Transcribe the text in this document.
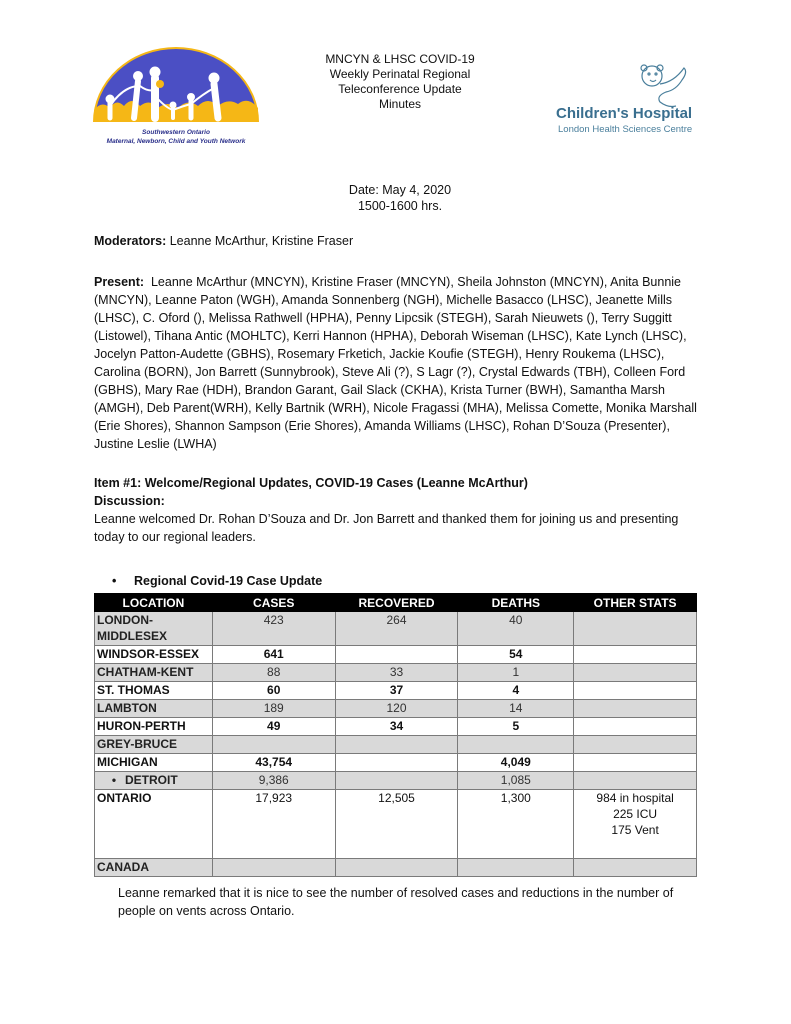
Southwestern Ontario
Maternal, Newborn, Child and Youth Network
MNCYN & LHSC COVID-19
Weekly Perinatal Regional
Teleconference Update
Minutes
Children's Hospital
London Health Sciences Centre
Date: May 4, 2020
1500-1600 hrs.
Moderators: Leanne McArthur, Kristine Fraser
Present:  Leanne McArthur (MNCYN), Kristine Fraser (MNCYN), Sheila Johnston (MNCYN), Anita Bunnie (MNCYN), Leanne Paton (WGH), Amanda Sonnenberg (NGH), Michelle Basacco (LHSC), Jeanette Mills (LHSC), C. Oford (), Melissa Rathwell (HPHA), Penny Lipcsik (STEGH), Sarah Nieuwets (), Terry Suggitt (Listowel), Tihana Antic (MOHLTC), Kerri Hannon (HPHA), Deborah Wiseman (LHSC), Kate Lynch (LHSC), Jocelyn Patton-Audette (GBHS), Rosemary Frketich, Jackie Koufie (STEGH), Henry Roukema (LHSC), Carolina (BORN), Jon Barrett (Sunnybrook), Steve Ali (?), S Lagr (?), Crystal Edwards (TBH), Colleen Ford (GBHS), Mary Rae (HDH), Brandon Garant, Gail Slack (CKHA), Krista Turner (BWH), Samantha Marsh (AMGH), Deb Parent(WRH), Kelly Bartnik (WRH), Nicole Fragassi (MHA), Melissa Comette, Monika Marshall (Erie Shores), Shannon Sampson (Erie Shores), Amanda Williams (LHSC), Rohan D’Souza (Presenter), Justine Leslie (LWHA)
Item #1: Welcome/Regional Updates, COVID-19 Cases (Leanne McArthur)
Discussion:
Leanne welcomed Dr. Rohan D’Souza and Dr. Jon Barrett and thanked them for joining us and presenting today to our regional leaders.
• Regional Covid-19 Case Update
LOCATION	CASES	RECOVERED	DEATHS	OTHER STATS
LONDON-MIDDLESEX	423	264	40	
WINDSOR-ESSEX	641		54	
CHATHAM-KENT	88	33	1	
ST. THOMAS	60	37	4	
LAMBTON	189	120	14	
HURON-PERTH	49	34	5	
GREY-BRUCE				
MICHIGAN	43,754		4,049	
• DETROIT	9,386		1,085	
ONTARIO	17,923	12,505	1,300	984 in hospital
225 ICU
175 Vent

CANADA				
Leanne remarked that it is nice to see the number of resolved cases and reductions in the number of people on vents across Ontario.
